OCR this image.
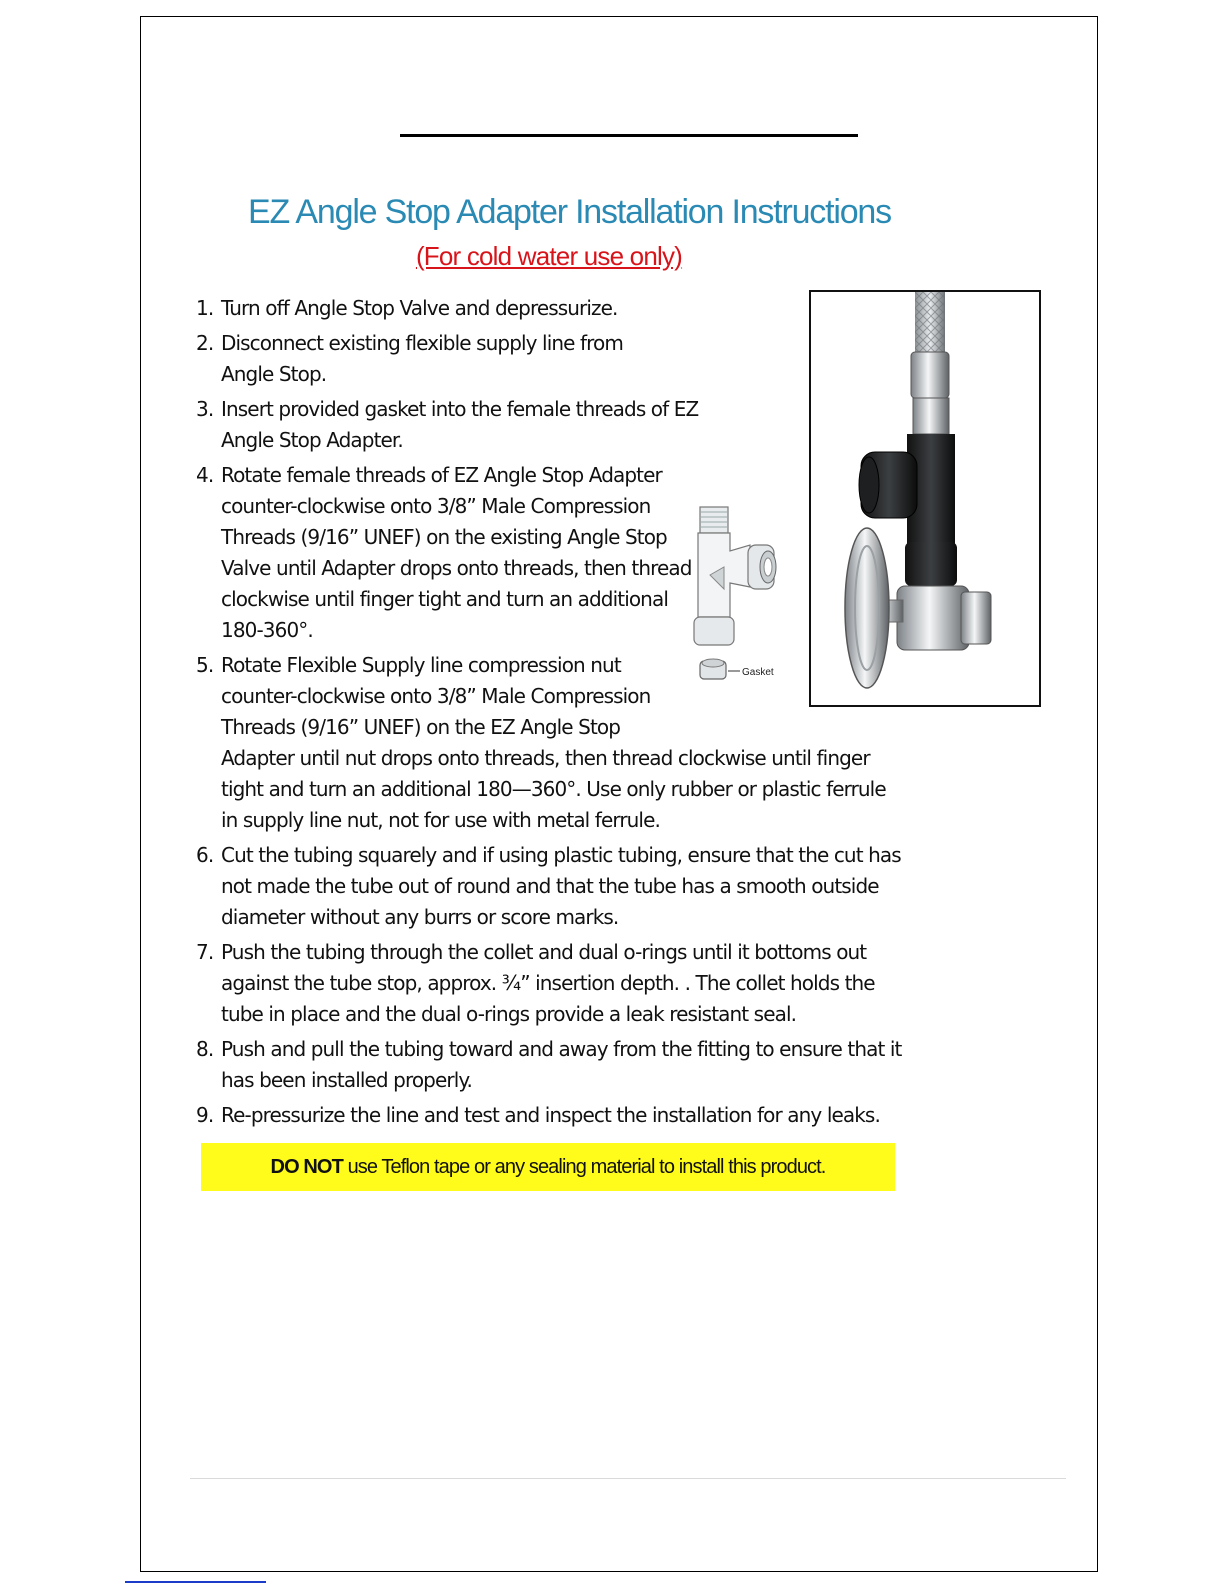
EZ Angle Stop Adapter Installation Instructions
(For cold water use only)
1. Turn off Angle Stop Valve and depressurize.
2. Disconnect existing flexible supply line from Angle Stop.
3. Insert provided gasket into the female threads of EZ Angle Stop Adapter.
4. Rotate female threads of EZ Angle Stop Adapter counter-clockwise onto 3/8” Male Compression Threads (9/16” UNEF) on the existing Angle Stop Valve until Adapter drops onto threads, then thread clockwise until finger tight and turn an additional 180-360°.
5. Rotate Flexible Supply line compression nut
counter-clockwise onto 3/8” Male Compression
Threads (9/16” UNEF) on the EZ Angle Stop
Adapter until nut drops onto threads, then thread clockwise until finger
tight and turn an additional 180—360°. Use only rubber or plastic ferrule
in supply line nut, not for use with metal ferrule.
6. Cut the tubing squarely and if using plastic tubing, ensure that the cut has not made the tube out of round and that the tube has a smooth outside diameter without any burrs or score marks.
7. Push the tubing through the collet and dual o-rings until it bottoms out against the tube stop, approx. ¾” insertion depth. . The collet holds the tube in place and the dual o-rings provide a leak resistant seal.
8. Push and pull the tubing toward and away from the fitting to ensure that it has been installed properly.
9. Re-pressurize the line and test and inspect the installation for any leaks.
Gasket
DO NOT use Teflon tape or any sealing material to install this product.
